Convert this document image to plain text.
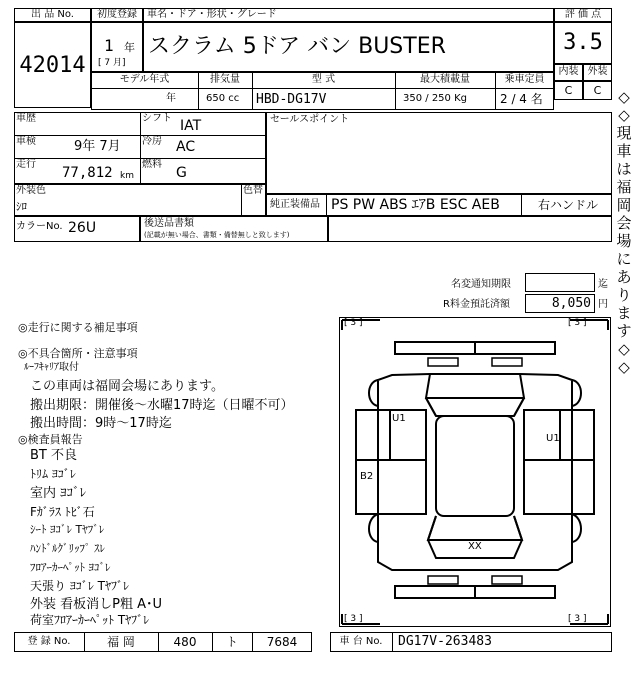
出 品 No.
42014
初度登録
1 年
[ 7 月]
車名・ドア・形状・グレード
スクラム 5ドア バン BUSTER
評 価 点
3.5
内装 外装
C	C
モデル年式	排気量	型 式	最大積載量	乗車定員
年	650 cc HBD-DG17V	350 / 250 Kg	2 / 4 名
車歴	シフト IAT
車検	9年 7月 冷房 AC
走行
77,812 km
燃料
G
セールスポイント
外装色
ｼﾛ
色替
純正装備品 PS PW ABS ｴｱB ESC AEB	右ハンドル
カラーNo. 26U	後送品書類
(記載が無い場合、書類・備替無しと致します)
名変通知期限	迄
R料金預託済額	8,050 円
◎走行に関する補足事項
◎不具合箇所・注意事項
ﾙｰﾌｷｬﾘｱ取付
この車両は福岡会場にあります。
搬出期限：開催後～水曜17時迄（日曜不可）
搬出時間：9時～17時迄
◎検査員報告
BT 不良
ﾄﾘﾑ ﾖｺﾞﾚ
室内 ﾖｺﾞﾚ
Fｶﾞﾗｽ ﾄﾋﾞ石
ｼｰﾄ ﾖｺﾞﾚ Tﾔﾌﾞﾚ
ﾊﾝﾄﾞﾙｸﾞﾘｯﾌﾟ ｽﾚ
ﾌﾛｱｰｶｰﾍﾟｯﾄ ﾖｺﾞﾚ
天張り ﾖｺﾞﾚ Tﾔﾌﾞﾚ
外装 看板消しP粗 A･U
荷室ﾌﾛｱｰｶｰﾍﾟｯﾄ Tﾔﾌﾞﾚ
◇
◇
現
車
は
福
岡
会
場
に
あ
り
ま
す
◇
◇
[ 3 ]	[ 3 ]
[ 3 ]	[ 3 ]
U1
U1
B2
XX
登 録 No.	福 岡	480	ト	7684	車 台 No.	DG17V-263483
